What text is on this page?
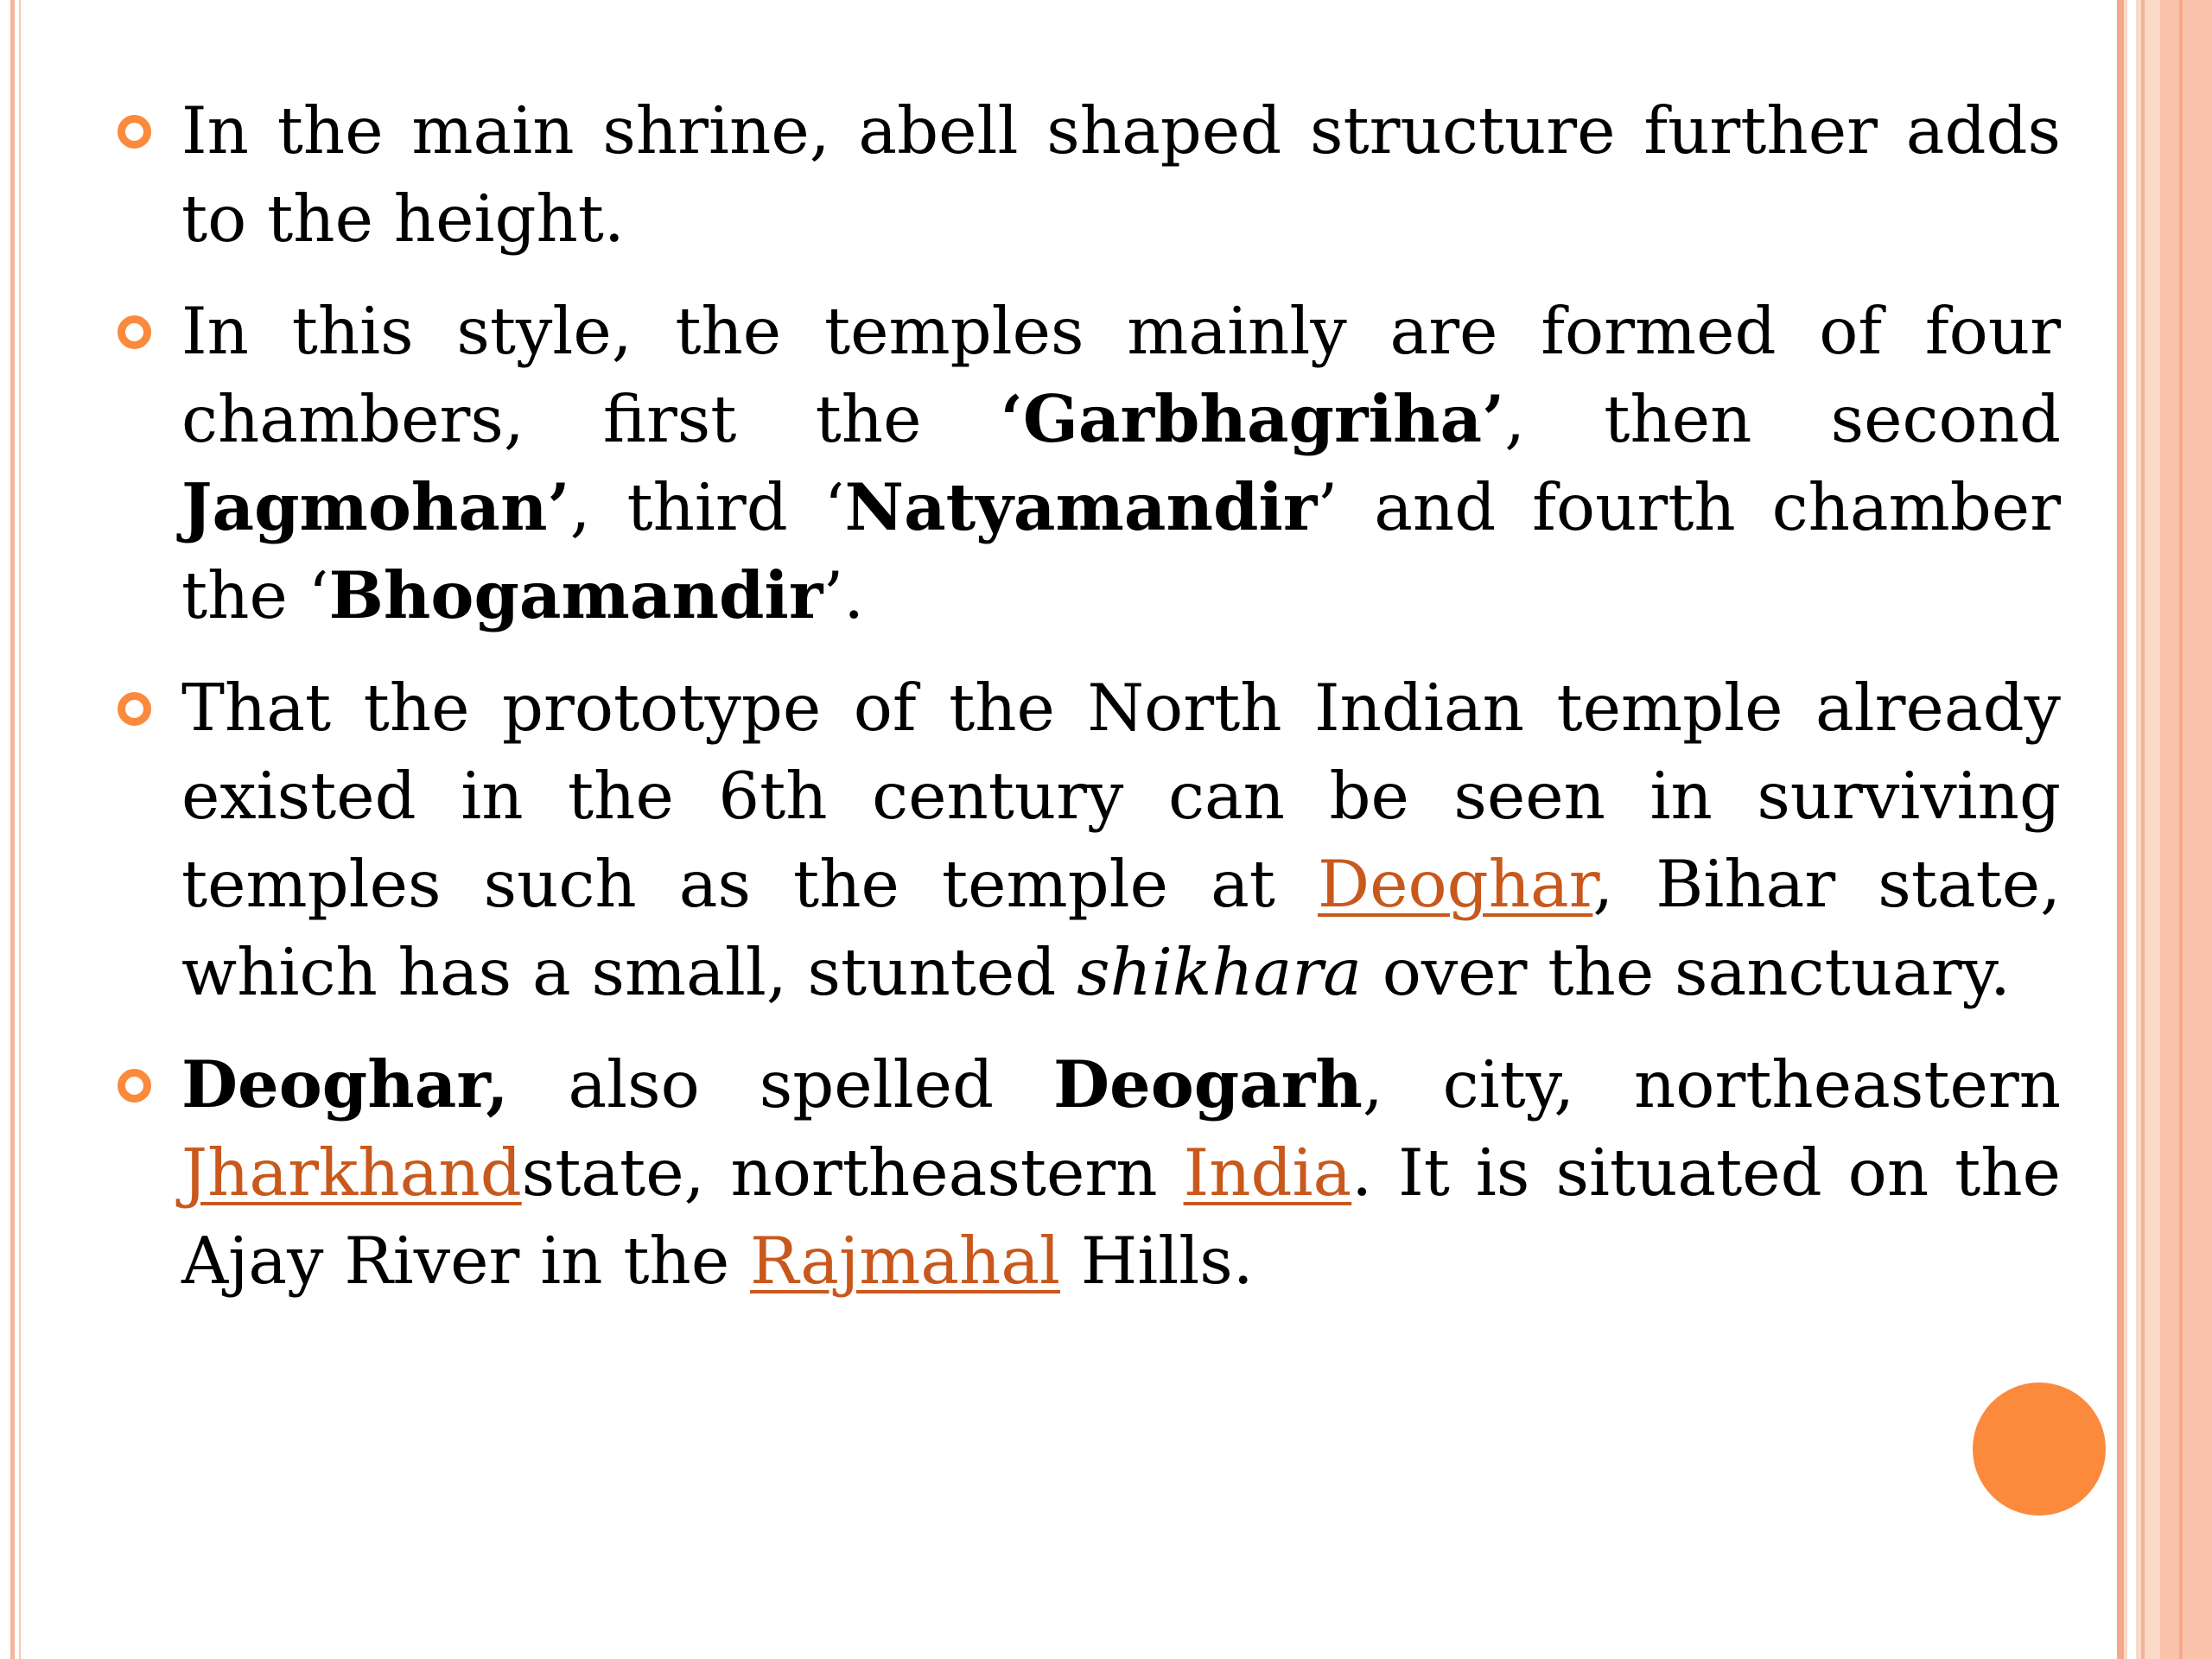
In the main shrine, abell shaped structure further adds to the height.
In this style, the temples mainly are formed of four chambers, first the ‘Garbhagriha’, then second Jagmohan’, third ‘Natyamandir’ and fourth chamber the ‘Bhogamandir’.
That the prototype of the North Indian temple already existed in the 6th century can be seen in surviving temples such as the temple at Deoghar, Bihar state, which has a small, stunted shikhara over the sanctuary.
Deoghar, also spelled Deogarh, city, northeastern Jharkhandstate, northeastern India. It is situated on the Ajay River in the Rajmahal Hills.
